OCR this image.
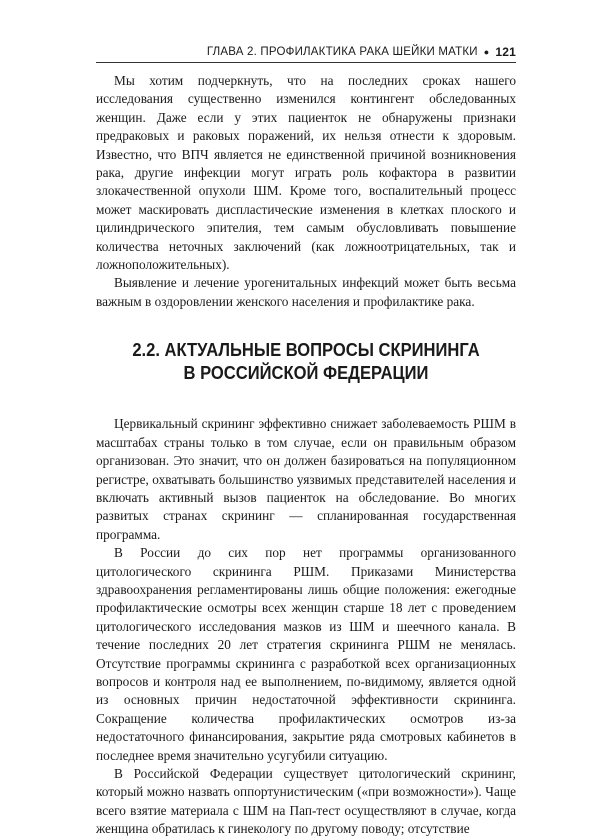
ГЛАВА 2. ПРОФИЛАКТИКА РАКА ШЕЙКИ МАТКИ ● 121

Мы хотим подчеркнуть, что на последних сроках нашего исследования существенно изменился контингент обследованных женщин. Даже если у этих пациенток не обнаружены признаки предраковых и раковых поражений, их нельзя отнести к здоровым. Известно, что ВПЧ является не единственной причиной возникновения рака, другие инфекции могут играть роль кофактора в развитии злокачественной опухоли ШМ. Кроме того, воспалительный процесс может маскировать диспластические изменения в клетках плоского и цилиндрического эпителия, тем самым обусловливать повышение количества неточных заключений (как ложноотрицательных, так и ложноположительных).

Выявление и лечение урогенитальных инфекций может быть весьма важным в оздоровлении женского населения и профилактике рака.

2.2. АКТУАЛЬНЫЕ ВОПРОСЫ СКРИНИНГА
В РОССИЙСКОЙ ФЕДЕРАЦИИ

Цервикальный скрининг эффективно снижает заболеваемость РШМ в масштабах страны только в том случае, если он правильным образом организован. Это значит, что он должен базироваться на популяционном регистре, охватывать большинство уязвимых представителей населения и включать активный вызов пациенток на обследование. Во многих развитых странах скрининг — спланированная государственная программа.

В России до сих пор нет программы организованного цитологического скрининга РШМ. Приказами Министерства здравоохранения регламентированы лишь общие положения: ежегодные профилактические осмотры всех женщин старше 18 лет с проведением цитологического исследования мазков из ШМ и шеечного канала. В течение последних 20 лет стратегия скрининга РШМ не менялась. Отсутствие программы скрининга с разработкой всех организационных вопросов и контроля над ее выполнением, по-видимому, является одной из основных причин недостаточной эффективности скрининга. Сокращение количества профилактических осмотров из-за недостаточного финансирования, закрытие ряда смотровых кабинетов в последнее время значительно усугубили ситуацию.

В Российской Федерации существует цитологический скрининг, который можно назвать оппортунистическим («при возможности»). Чаще всего взятие материала с ШМ на Пап-тест осуществляют в случае, когда женщина обратилась к гинекологу по другому поводу; отсутствие
